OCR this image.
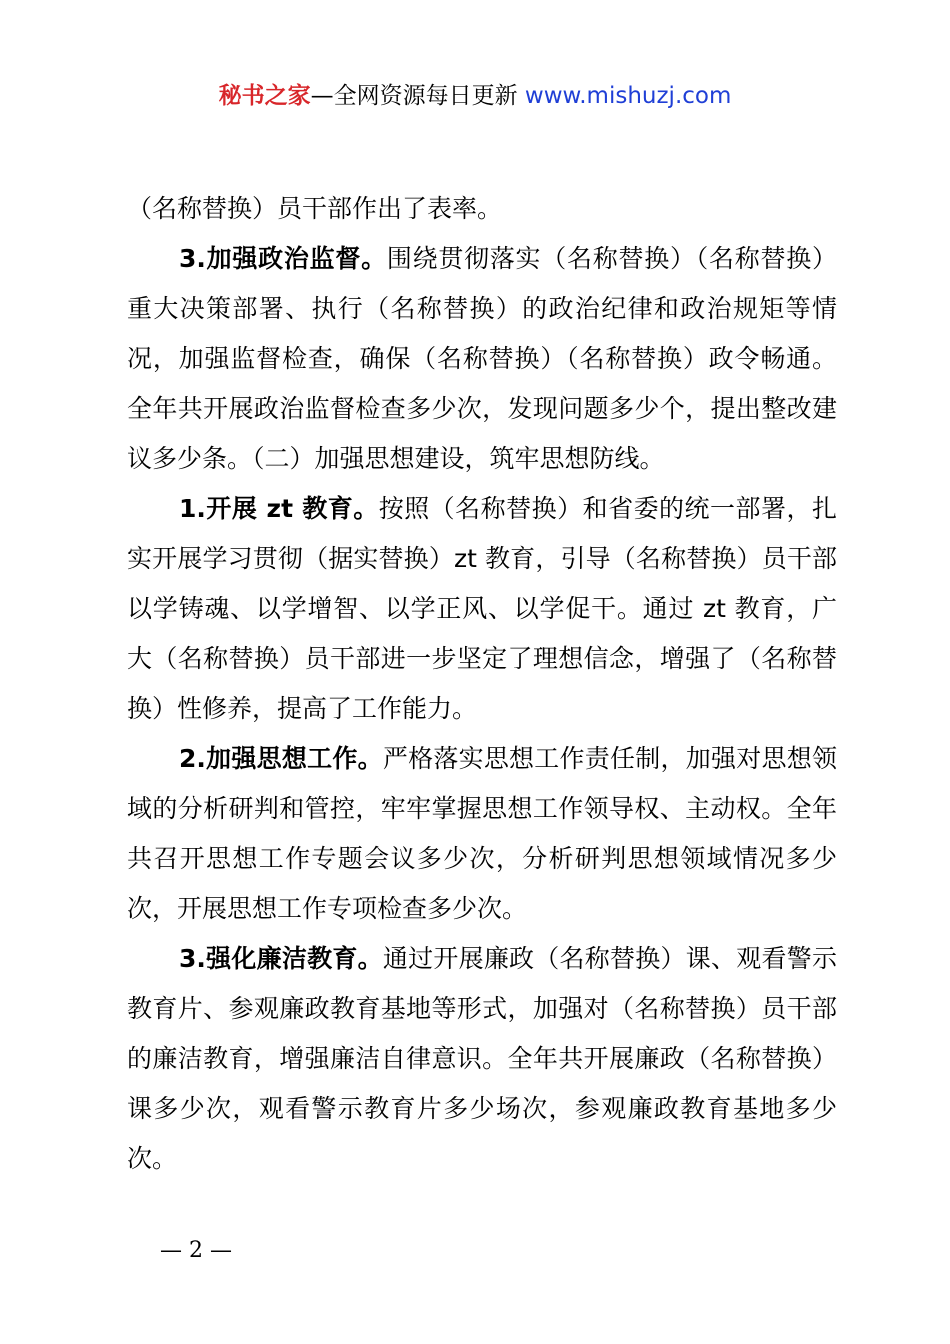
秘书之家—全网资源每日更新 www.mishuzj.com

（名称替换）员干部作出了表率。

3.加强政治监督。围绕贯彻落实（名称替换）（名称替换）重大决策部署、执行（名称替换）的政治纪律和政治规矩等情况，加强监督检查，确保（名称替换）（名称替换）政令畅通。全年共开展政治监督检查多少次，发现问题多少个，提出整改建议多少条。（二）加强思想建设，筑牢思想防线。

1.开展 zt 教育。按照（名称替换）和省委的统一部署，扎实开展学习贯彻（据实替换）zt 教育，引导（名称替换）员干部以学铸魂、以学增智、以学正风、以学促干。通过 zt 教育，广大（名称替换）员干部进一步坚定了理想信念，增强了（名称替换）性修养，提高了工作能力。

2.加强思想工作。严格落实思想工作责任制，加强对思想领域的分析研判和管控，牢牢掌握思想工作领导权、主动权。全年共召开思想工作专题会议多少次，分析研判思想领域情况多少次，开展思想工作专项检查多少次。

3.强化廉洁教育。通过开展廉政（名称替换）课、观看警示教育片、参观廉政教育基地等形式，加强对（名称替换）员干部的廉洁教育，增强廉洁自律意识。全年共开展廉政（名称替换）课多少次，观看警示教育片多少场次，参观廉政教育基地多少次。

— 2 —
